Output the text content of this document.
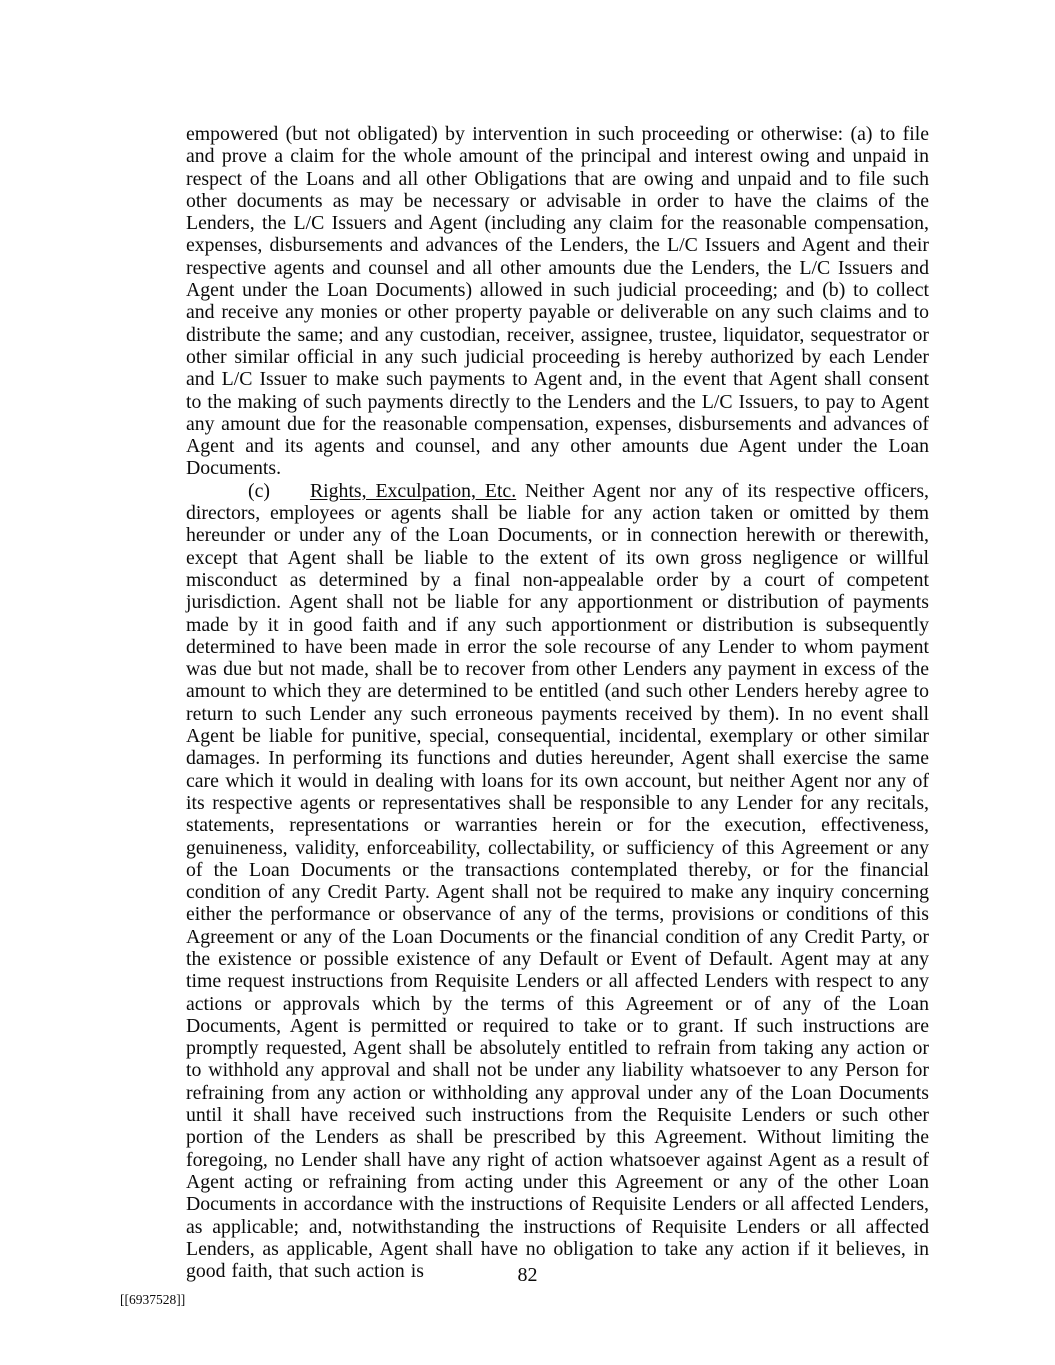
empowered (but not obligated) by intervention in such proceeding or otherwise: (a) to file and prove a claim for the whole amount of the principal and interest owing and unpaid in respect of the Loans and all other Obligations that are owing and unpaid and to file such other documents as may be necessary or advisable in order to have the claims of the Lenders, the L/C Issuers and Agent (including any claim for the reasonable compensation, expenses, disbursements and advances of the Lenders, the L/C Issuers and Agent and their respective agents and counsel and all other amounts due the Lenders, the L/C Issuers and Agent under the Loan Documents) allowed in such judicial proceeding; and (b) to collect and receive any monies or other property payable or deliverable on any such claims and to distribute the same; and any custodian, receiver, assignee, trustee, liquidator, sequestrator or other similar official in any such judicial proceeding is hereby authorized by each Lender and L/C Issuer to make such payments to Agent and, in the event that Agent shall consent to the making of such payments directly to the Lenders and the L/C Issuers, to pay to Agent any amount due for the reasonable compensation, expenses, disbursements and advances of Agent and its agents and counsel, and any other amounts due Agent under the Loan Documents.

(c) Rights, Exculpation, Etc. Neither Agent nor any of its respective officers, directors, employees or agents shall be liable for any action taken or omitted by them hereunder or under any of the Loan Documents, or in connection herewith or therewith, except that Agent shall be liable to the extent of its own gross negligence or willful misconduct as determined by a final non-appealable order by a court of competent jurisdiction. Agent shall not be liable for any apportionment or distribution of payments made by it in good faith and if any such apportionment or distribution is subsequently determined to have been made in error the sole recourse of any Lender to whom payment was due but not made, shall be to recover from other Lenders any payment in excess of the amount to which they are determined to be entitled (and such other Lenders hereby agree to return to such Lender any such erroneous payments received by them). In no event shall Agent be liable for punitive, special, consequential, incidental, exemplary or other similar damages. In performing its functions and duties hereunder, Agent shall exercise the same care which it would in dealing with loans for its own account, but neither Agent nor any of its respective agents or representatives shall be responsible to any Lender for any recitals, statements, representations or warranties herein or for the execution, effectiveness, genuineness, validity, enforceability, collectability, or sufficiency of this Agreement or any of the Loan Documents or the transactions contemplated thereby, or for the financial condition of any Credit Party. Agent shall not be required to make any inquiry concerning either the performance or observance of any of the terms, provisions or conditions of this Agreement or any of the Loan Documents or the financial condition of any Credit Party, or the existence or possible existence of any Default or Event of Default. Agent may at any time request instructions from Requisite Lenders or all affected Lenders with respect to any actions or approvals which by the terms of this Agreement or of any of the Loan Documents, Agent is permitted or required to take or to grant. If such instructions are promptly requested, Agent shall be absolutely entitled to refrain from taking any action or to withhold any approval and shall not be under any liability whatsoever to any Person for refraining from any action or withholding any approval under any of the Loan Documents until it shall have received such instructions from the Requisite Lenders or such other portion of the Lenders as shall be prescribed by this Agreement. Without limiting the foregoing, no Lender shall have any right of action whatsoever against Agent as a result of Agent acting or refraining from acting under this Agreement or any of the other Loan Documents in accordance with the instructions of Requisite Lenders or all affected Lenders, as applicable; and, notwithstanding the instructions of Requisite Lenders or all affected Lenders, as applicable, Agent shall have no obligation to take any action if it believes, in good faith, that such action is	82
[[6937528]]
